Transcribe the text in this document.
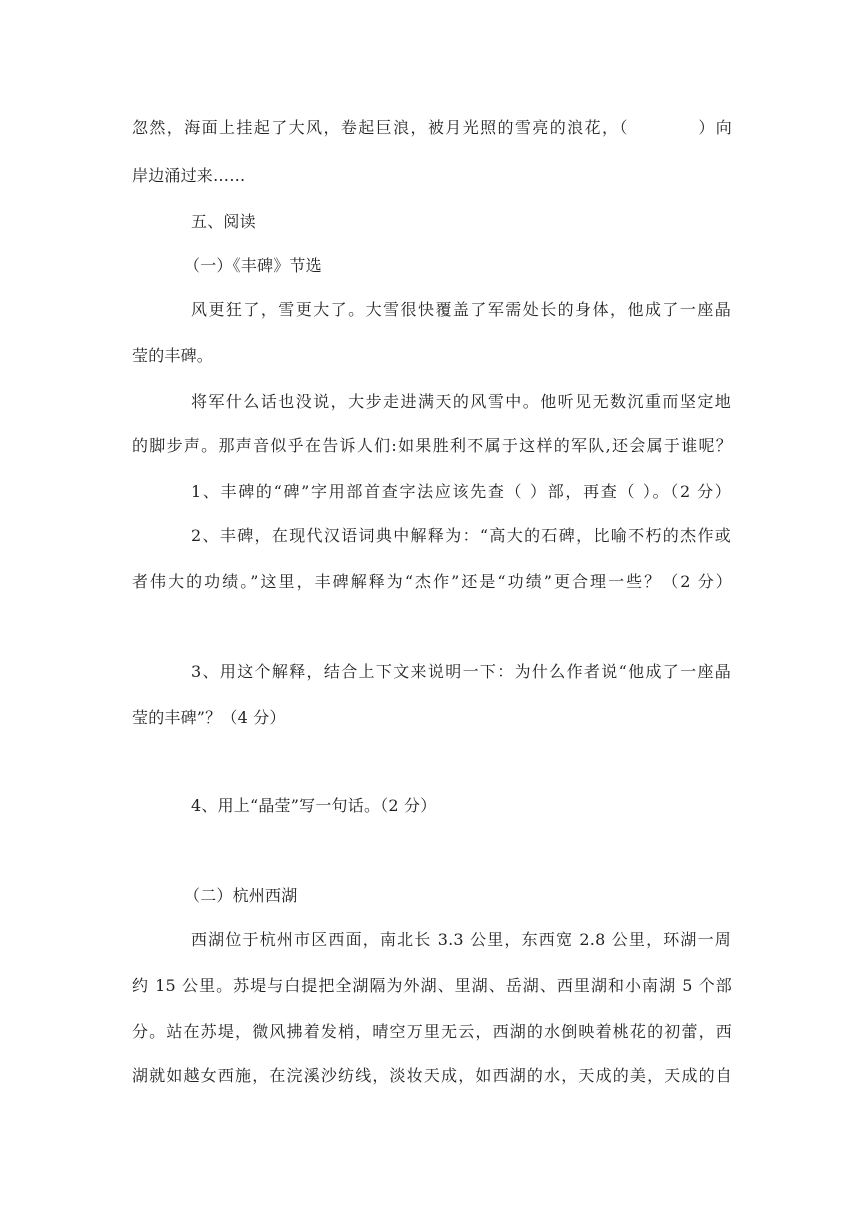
忽然，海面上挂起了大风，卷起巨浪，被月光照的雪亮的浪花，（　　　　）向
岸边涌过来……
五、阅读
（一）《丰碑》节选
风更狂了，雪更大了。大雪很快覆盖了军需处长的身体，他成了一座晶
莹的丰碑。
将军什么话也没说，大步走进满天的风雪中。他听见无数沉重而坚定地
的脚步声。那声音似乎在告诉人们:如果胜利不属于这样的军队,还会属于谁呢？
1、丰碑的“碑”字用部首查字法应该先查（ ）部，再查（ ）。（2 分）
2、丰碑，在现代汉语词典中解释为：“高大的石碑，比喻不朽的杰作或
者伟大的功绩。”这里，丰碑解释为“杰作”还是“功绩”更合理一些？（2 分）
3、用这个解释，结合上下文来说明一下：为什么作者说“他成了一座晶
莹的丰碑”？（4 分）
4、用上“晶莹”写一句话。（2 分）
（二）杭州西湖
西湖位于杭州市区西面，南北长 3.3 公里，东西宽 2.8 公里，环湖一周
约 15 公里。苏堤与白提把全湖隔为外湖、里湖、岳湖、西里湖和小南湖 5 个部
分。站在苏堤，微风拂着发梢，晴空万里无云，西湖的水倒映着桃花的初蕾，西
湖就如越女西施，在浣溪沙纺线，淡妆天成，如西湖的水，天成的美，天成的自
